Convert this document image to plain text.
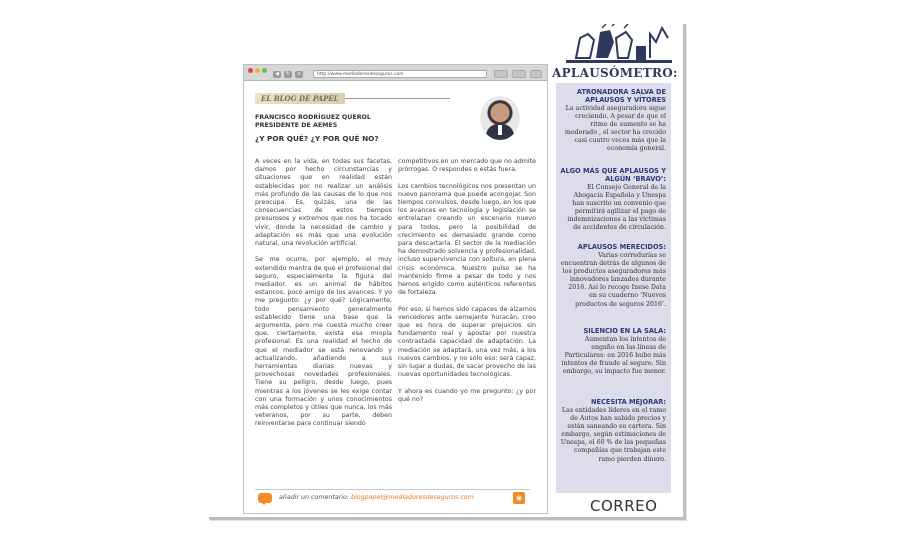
◀	↻	⌂	http://www.mediadoresdeseguros.com
EL BLOG DE PAPEL
FRANCISCO RODRÍGUEZ QUEROL
PRESIDENTE DE AEMES
¿Y POR QUÉ? ¿Y POR QUÉ NO?

A veces en la vida, en todas sus facetas, damos por hecho circunstancias y situaciones que en realidad están establecidas por no realizar un análisis más profundo de las causas de lo que nos preocupa. Es, quizás, una de las consecuencias de estos tiempos presurosos y extremos que nos ha tocado vivir, donde la necesidad de cambio y adaptación es más que una evolución natural, una revolución artificial.

Se me ocurre, por ejemplo, el muy extendido mantra de que el profesional del seguro, especialmente la figura del mediador, es un animal de hábitos estancos, poco amigo de los avances. Y yo me pregunto: ¿y por qué? Lógicamente, todo pensamiento generalmente establecido tiene una base que la argumenta, pero me cuesta mucho creer que, ciertamente, exista esa miopía profesional. Es una realidad el hecho de que el mediador se está renovando y actualizando, añadiendo a sus herramientas diarias nuevas y provechosas novedades profesionales. Tiene su peligro, desde luego, pues mientras a los jóvenes se les exige contar con una formación y unos conocimientos más completos y útiles que nunca, los más veteranos, por su parte, deben reinventarse para continuar siendo

competitivos en un mercado que no admite prórrogas. O respondes o estás fuera.

Los cambios tecnológicos nos presentan un nuevo panorama que puede acongojar. Son tiempos convulsos, desde luego, en los que los avances en tecnología y legislación se entrelazan creando un escenario nuevo para todos, pero la posibilidad de crecimiento es demasiado grande como para descartarla. El sector de la mediación ha demostrado solvencia y profesionalidad, incluso supervivencia con soltura, en plena crisis económica. Nuestro pulso se ha mantenido firme a pesar de todo y nos hemos erigido como auténticos referentes de fortaleza.

Por eso, si hemos sido capaces de alzarnos vencedores ante semejante huracán, creo que es hora de superar prejuicios sin fundamento real y apostar por nuestra contrastada capacidad de adaptación. La mediación se adaptará, una vez más, a los nuevos cambios, y no sólo eso: será capaz, sin lugar a dudas, de sacar provecho de las nuevas oportunidades tecnológicas.

Y ahora es cuando yo me pregunto: ¿y por qué no?

añadir un comentario: blogpapel@mediadoresdeseguros.com	◉
APLAUSÓMETRO:
ATRONADORA SALVA DE APLAUSOS Y VÍTORES
La actividad aseguradora sigue creciendo. A pesar de que el ritmo de aumento se ha moderado , el sector ha crecido casi cuatro veces más que la economía general.
ALGO MÁS QUE APLAUSOS Y ALGÚN ‘BRAVO’:
El Consejo General de la Abogacía Española y Unespa han suscrito un convenio que permitirá agilizar el pago de indemnizaciones a las víctimas de accidentes de circulación.
APLAUSOS MERECIDOS:
Varias corredurías se encuentran detrás de algunos de los productos aseguradores más innovadores lanzados durante 2016. Así lo recoge Inese Data en su cuaderno ‘Nuevos productos de seguros 2016’.
SILENCIO EN LA SALA:
Aumentan los intentos de engaño en las líneas de Particulares: en 2016 hubo más intentos de fraude al seguro. Sin embargo, su impacto fue menor.
NECESITA MEJORAR:
Las entidades líderes en el ramo de Autos han subido precios y están saneando su cartera. Sin embargo, según estimaciones de Unespa, el 60 % de las pequeñas compañías que trabajan este ramo pierden dinero.
CORREO
